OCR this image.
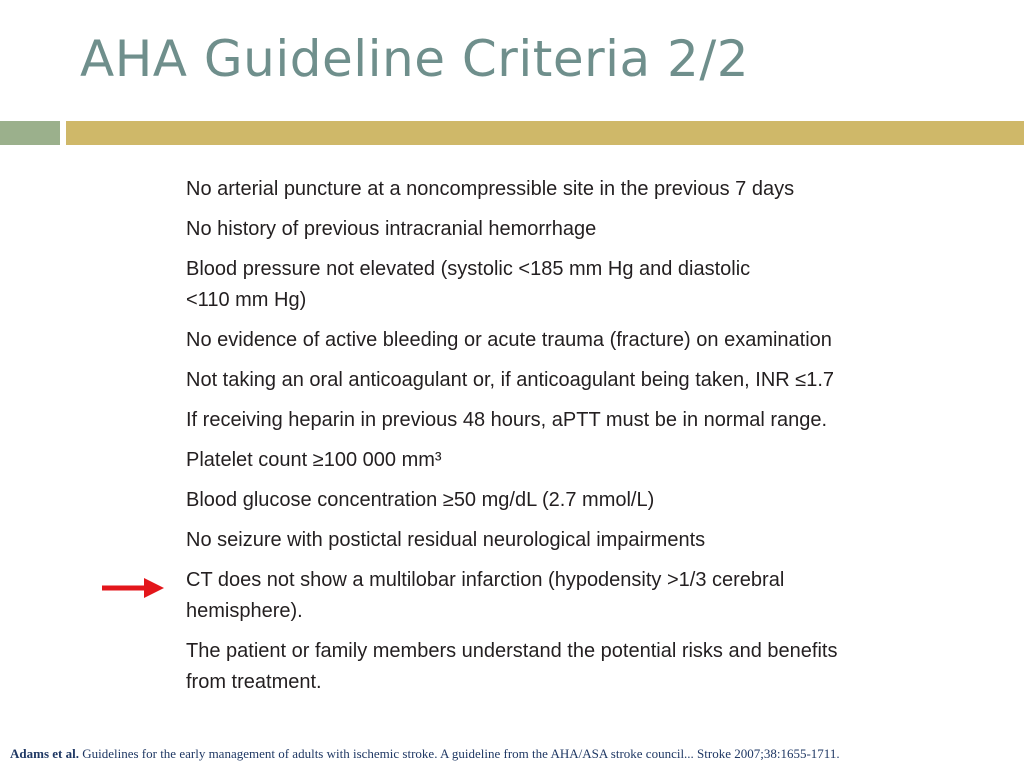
AHA Guideline Criteria 2/2
No arterial puncture at a noncompressible site in the previous 7 days
No history of previous intracranial hemorrhage
Blood pressure not elevated (systolic <185 mm Hg and diastolic
<110 mm Hg)
No evidence of active bleeding or acute trauma (fracture) on examination
Not taking an oral anticoagulant or, if anticoagulant being taken, INR ≤1.7
If receiving heparin in previous 48 hours, aPTT must be in normal range.
Platelet count ≥100 000 mm³
Blood glucose concentration ≥50 mg/dL (2.7 mmol/L)
No seizure with postictal residual neurological impairments
CT does not show a multilobar infarction (hypodensity >1/3 cerebral
hemisphere).
The patient or family members understand the potential risks and benefits
from treatment.

Adams et al. Guidelines for the early management of adults with ischemic stroke. A guideline from the AHA/ASA stroke council... Stroke 2007;38:1655-1711.
